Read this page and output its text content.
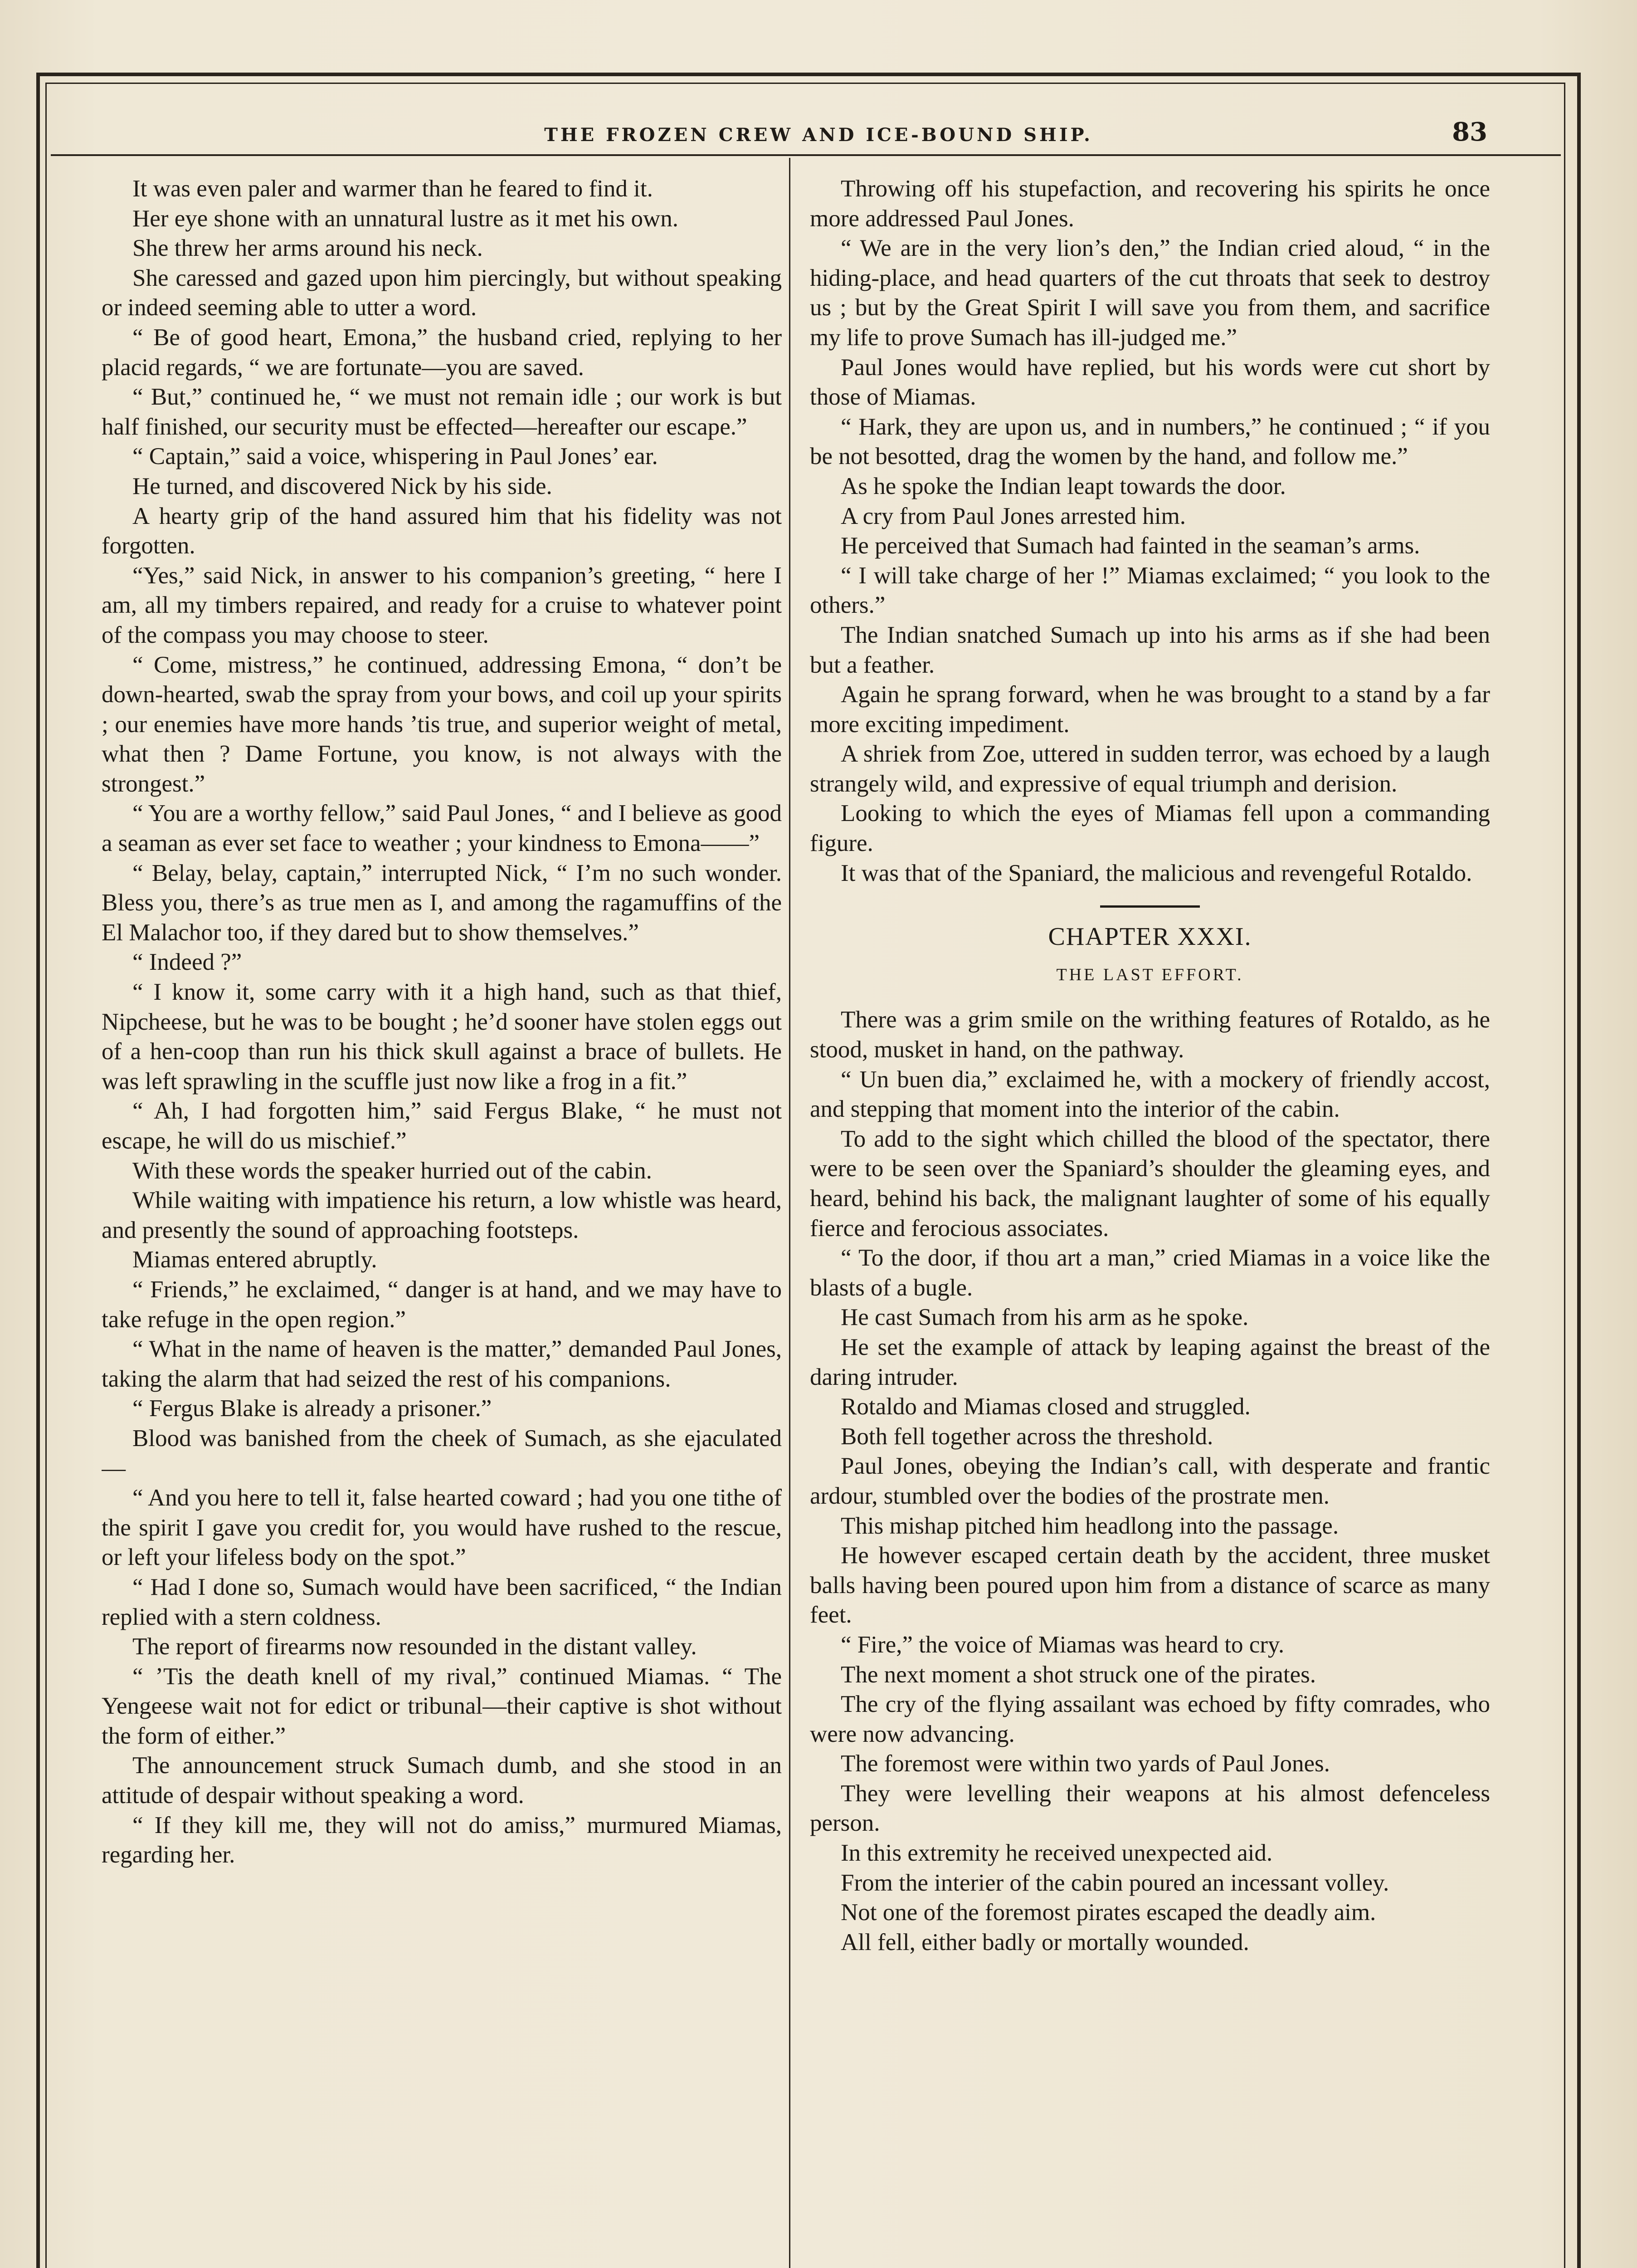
THE FROZEN CREW AND ICE-BOUND SHIP.	83

It was even paler and warmer than he feared to find it.

Her eye shone with an unnatural lustre as it met his own.

She threw her arms around his neck.

She caressed and gazed upon him piercingly, but without speaking or indeed seeming able to utter a word.

“ Be of good heart, Emona,” the husband cried, replying to her placid regards, “ we are fortunate—you are saved.

“ But,” continued he, “ we must not remain idle ; our work is but half finished, our security must be effected—hereafter our escape.”

“ Captain,” said a voice, whispering in Paul Jones’ ear.

He turned, and discovered Nick by his side.

A hearty grip of the hand assured him that his fidelity was not forgotten.

“Yes,” said Nick, in answer to his companion’s greeting, “ here I am, all my timbers repaired, and ready for a cruise to whatever point of the compass you may choose to steer.

“ Come, mistress,” he continued, addressing Emona, “ don’t be down-hearted, swab the spray from your bows, and coil up your spirits ; our enemies have more hands ’tis true, and superior weight of metal, what then ? Dame Fortune, you know, is not always with the strongest.”

“ You are a worthy fellow,” said Paul Jones, “ and I believe as good a seaman as ever set face to weather ; your kindness to Emona——”

“ Belay, belay, captain,” interrupted Nick, “ I’m no such wonder. Bless you, there’s as true men as I, and among the ragamuffins of the El Malachor too, if they dared but to show themselves.”

“ Indeed ?”

“ I know it, some carry with it a high hand, such as that thief, Nipcheese, but he was to be bought ; he’d sooner have stolen eggs out of a hen-coop than run his thick skull against a brace of bullets. He was left sprawling in the scuffle just now like a frog in a fit.”

“ Ah, I had forgotten him,” said Fergus Blake, “ he must not escape, he will do us mischief.”

With these words the speaker hurried out of the cabin.

While waiting with impatience his return, a low whistle was heard, and presently the sound of approaching footsteps.

Miamas entered abruptly.

“ Friends,” he exclaimed, “ danger is at hand, and we may have to take refuge in the open region.”

“ What in the name of heaven is the matter,” demanded Paul Jones, taking the alarm that had seized the rest of his companions.

“ Fergus Blake is already a prisoner.”

Blood was banished from the cheek of Sumach, as she ejaculated—

“ And you here to tell it, false hearted coward ; had you one tithe of the spirit I gave you credit for, you would have rushed to the rescue, or left your lifeless body on the spot.”

“ Had I done so, Sumach would have been sacrificed, “ the Indian replied with a stern coldness.

The report of firearms now resounded in the distant valley.

“ ’Tis the death knell of my rival,” continued Miamas. “ The Yengeese wait not for edict or tribunal—their captive is shot without the form of either.”

The announcement struck Sumach dumb, and she stood in an attitude of despair without speaking a word.

“ If they kill me, they will not do amiss,” murmured Miamas, regarding her.

Throwing off his stupefaction, and recovering his spirits he once more addressed Paul Jones.

“ We are in the very lion’s den,” the Indian cried aloud, “ in the hiding-place, and head quarters of the cut throats that seek to destroy us ; but by the Great Spirit I will save you from them, and sacrifice my life to prove Sumach has ill-judged me.”

Paul Jones would have replied, but his words were cut short by those of Miamas.

“ Hark, they are upon us, and in numbers,” he continued ; “ if you be not besotted, drag the women by the hand, and follow me.”

As he spoke the Indian leapt towards the door.

A cry from Paul Jones arrested him.

He perceived that Sumach had fainted in the seaman’s arms.

“ I will take charge of her !” Miamas exclaimed; “ you look to the others.”

The Indian snatched Sumach up into his arms as if she had been but a feather.

Again he sprang forward, when he was brought to a stand by a far more exciting impediment.

A shriek from Zoe, uttered in sudden terror, was echoed by a laugh strangely wild, and expressive of equal triumph and derision.

Looking to which the eyes of Miamas fell upon a commanding figure.

It was that of the Spaniard, the malicious and revengeful Rotaldo.

CHAPTER XXXI.
THE LAST EFFORT.

There was a grim smile on the writhing features of Rotaldo, as he stood, musket in hand, on the pathway.

“ Un buen dia,” exclaimed he, with a mockery of friendly accost, and stepping that moment into the interior of the cabin.

To add to the sight which chilled the blood of the spectator, there were to be seen over the Spaniard’s shoulder the gleaming eyes, and heard, behind his back, the malignant laughter of some of his equally fierce and ferocious associates.

“ To the door, if thou art a man,” cried Miamas in a voice like the blasts of a bugle.

He cast Sumach from his arm as he spoke.

He set the example of attack by leaping against the breast of the daring intruder.

Rotaldo and Miamas closed and struggled.

Both fell together across the threshold.

Paul Jones, obeying the Indian’s call, with desperate and frantic ardour, stumbled over the bodies of the prostrate men.

This mishap pitched him headlong into the passage.

He however escaped certain death by the accident, three musket balls having been poured upon him from a distance of scarce as many feet.

“ Fire,” the voice of Miamas was heard to cry.

The next moment a shot struck one of the pirates.

The cry of the flying assailant was echoed by fifty comrades, who were now advancing.

The foremost were within two yards of Paul Jones.

They were levelling their weapons at his almost defenceless person.

In this extremity he received unexpected aid.

From the interier of the cabin poured an incessant volley.

Not one of the foremost pirates escaped the deadly aim.

All fell, either badly or mortally wounded.
